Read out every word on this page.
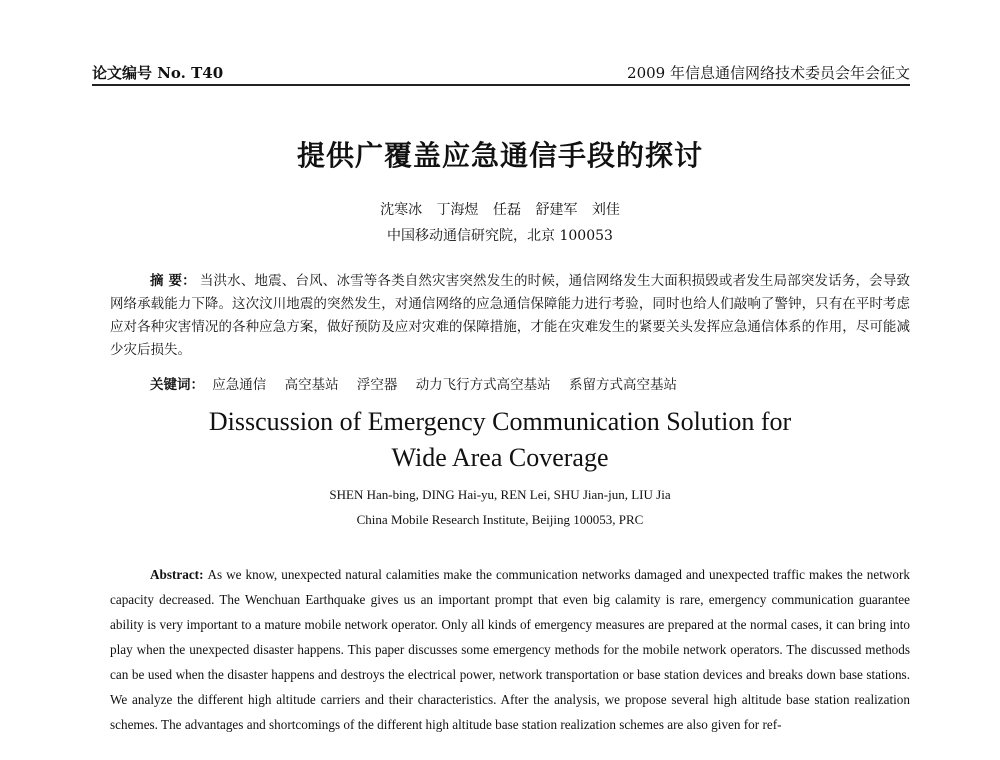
论文编号 No. T40	2009 年信息通信网络技术委员会年会征文
提供广覆盖应急通信手段的探讨
沈寒冰 丁海煜 任磊 舒建军 刘佳
中国移动通信研究院，北京 100053
摘 要： 当洪水、地震、台风、冰雪等各类自然灾害突然发生的时候，通信网络发生大面积损毁或者发生局部突发话务，会导致网络承载能力下降。这次汶川地震的突然发生，对通信网络的应急通信保障能力进行考验，同时也给人们敲响了警钟，只有在平时考虑应对各种灾害情况的各种应急方案，做好预防及应对灾难的保障措施，才能在灾难发生的紧要关头发挥应急通信体系的作用，尽可能减少灾后损失。
关键词： 应急通信 高空基站 浮空器 动力飞行方式高空基站 系留方式高空基站
Disscussion of Emergency Communication Solution for
Wide Area Coverage
SHEN Han-bing, DING Hai-yu, REN Lei, SHU Jian-jun, LIU Jia
China Mobile Research Institute, Beijing 100053, PRC
Abstract: As we know, unexpected natural calamities make the communication networks damaged and unexpected traffic makes the network capacity decreased. The Wenchuan Earthquake gives us an important prompt that even big calamity is rare, emergency communication guarantee ability is very important to a mature mobile network operator. Only all kinds of emergency measures are prepared at the normal cases, it can bring into play when the unexpected disaster happens. This paper discusses some emergency methods for the mobile network operators. The discussed methods can be used when the disaster happens and destroys the electrical power, network transportation or base station devices and breaks down base stations. We analyze the different high altitude carriers and their characteristics. After the analysis, we propose several high altitude base station realization schemes. The advantages and shortcomings of the different high altitude base station realization schemes are also given for ref-
